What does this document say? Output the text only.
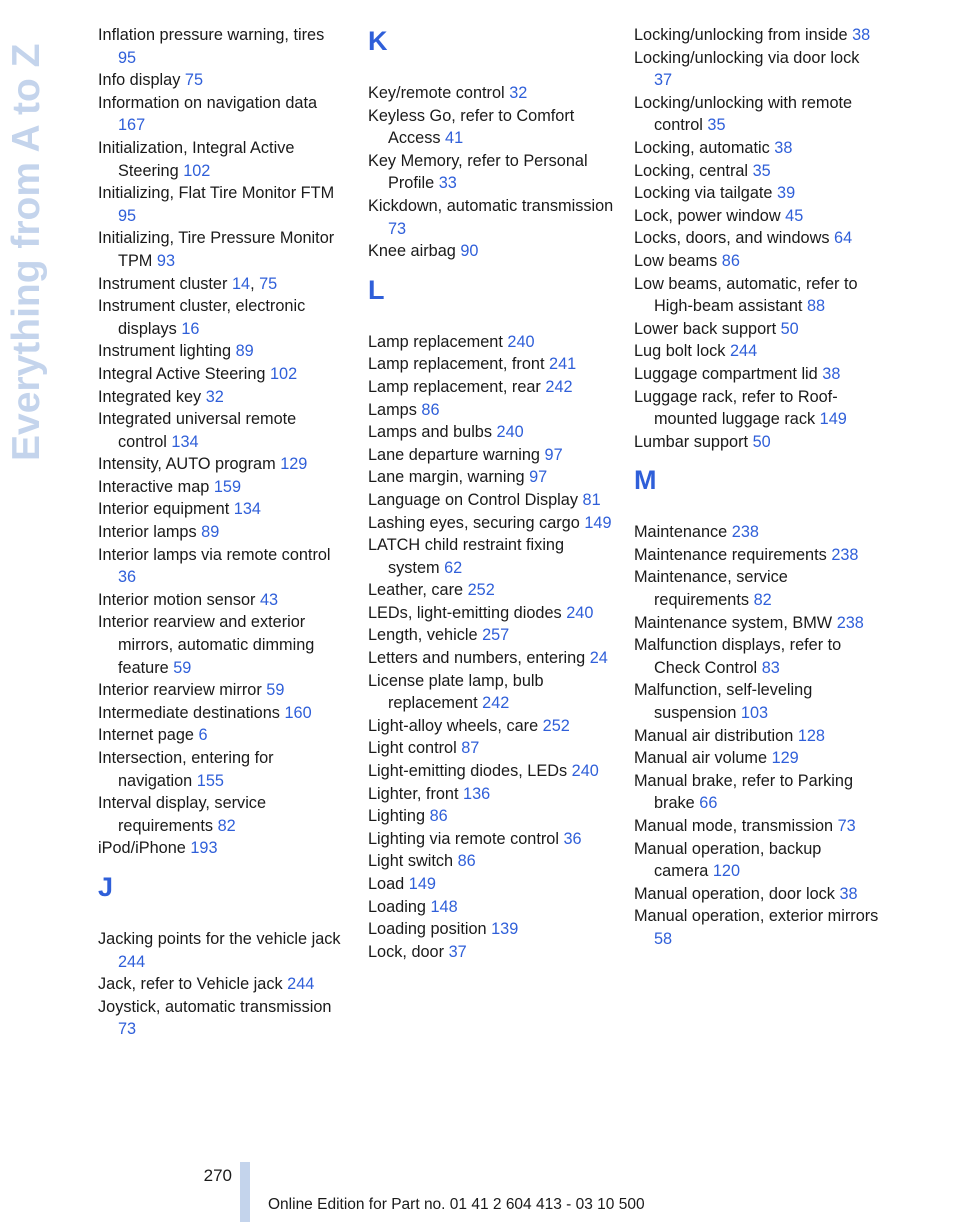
Everything from A to Z

Inflation pressure warning, tires 95

Info display 75

Information on navigation data 167

Initialization, Integral Active Steering 102

Initializing, Flat Tire Monitor FTM 95

Initializing, Tire Pressure Monitor TPM 93

Instrument cluster 14, 75

Instrument cluster, electronic displays 16

Instrument lighting 89

Integral Active Steering 102

Integrated key 32

Integrated universal remote control 134

Intensity, AUTO program 129

Interactive map 159

Interior equipment 134

Interior lamps 89

Interior lamps via remote control 36

Interior motion sensor 43

Interior rearview and exterior mirrors, automatic dimming feature 59

Interior rearview mirror 59

Intermediate destinations 160

Internet page 6

Intersection, entering for navigation 155

Interval display, service requirements 82

iPod/iPhone 193

J

Jacking points for the vehicle jack 244

Jack, refer to Vehicle jack 244

Joystick, automatic transmission 73

K

Key/remote control 32

Keyless Go, refer to Comfort Access 41

Key Memory, refer to Personal Profile 33

Kickdown, automatic transmission 73

Knee airbag 90

L

Lamp replacement 240

Lamp replacement, front 241

Lamp replacement, rear 242

Lamps 86

Lamps and bulbs 240

Lane departure warning 97

Lane margin, warning 97

Language on Control Display 81

Lashing eyes, securing cargo 149

LATCH child restraint fixing system 62

Leather, care 252

LEDs, light-emitting diodes 240

Length, vehicle 257

Letters and numbers, entering 24

License plate lamp, bulb replacement 242

Light-alloy wheels, care 252

Light control 87

Light-emitting diodes, LEDs 240

Lighter, front 136

Lighting 86

Lighting via remote control 36

Light switch 86

Load 149

Loading 148

Loading position 139

Lock, door 37

Locking/unlocking from inside 38

Locking/unlocking via door lock 37

Locking/unlocking with remote control 35

Locking, automatic 38

Locking, central 35

Locking via tailgate 39

Lock, power window 45

Locks, doors, and windows 64

Low beams 86

Low beams, automatic, refer to High-beam assistant 88

Lower back support 50

Lug bolt lock 244

Luggage compartment lid 38

Luggage rack, refer to Roof-mounted luggage rack 149

Lumbar support 50

M

Maintenance 238

Maintenance requirements 238

Maintenance, service requirements 82

Maintenance system, BMW 238

Malfunction displays, refer to Check Control 83

Malfunction, self-leveling suspension 103

Manual air distribution 128

Manual air volume 129

Manual brake, refer to Parking brake 66

Manual mode, transmission 73

Manual operation, backup camera 120

Manual operation, door lock 38

Manual operation, exterior mirrors 58

270
Online Edition for Part no. 01 41 2 604 413 - 03 10 500
